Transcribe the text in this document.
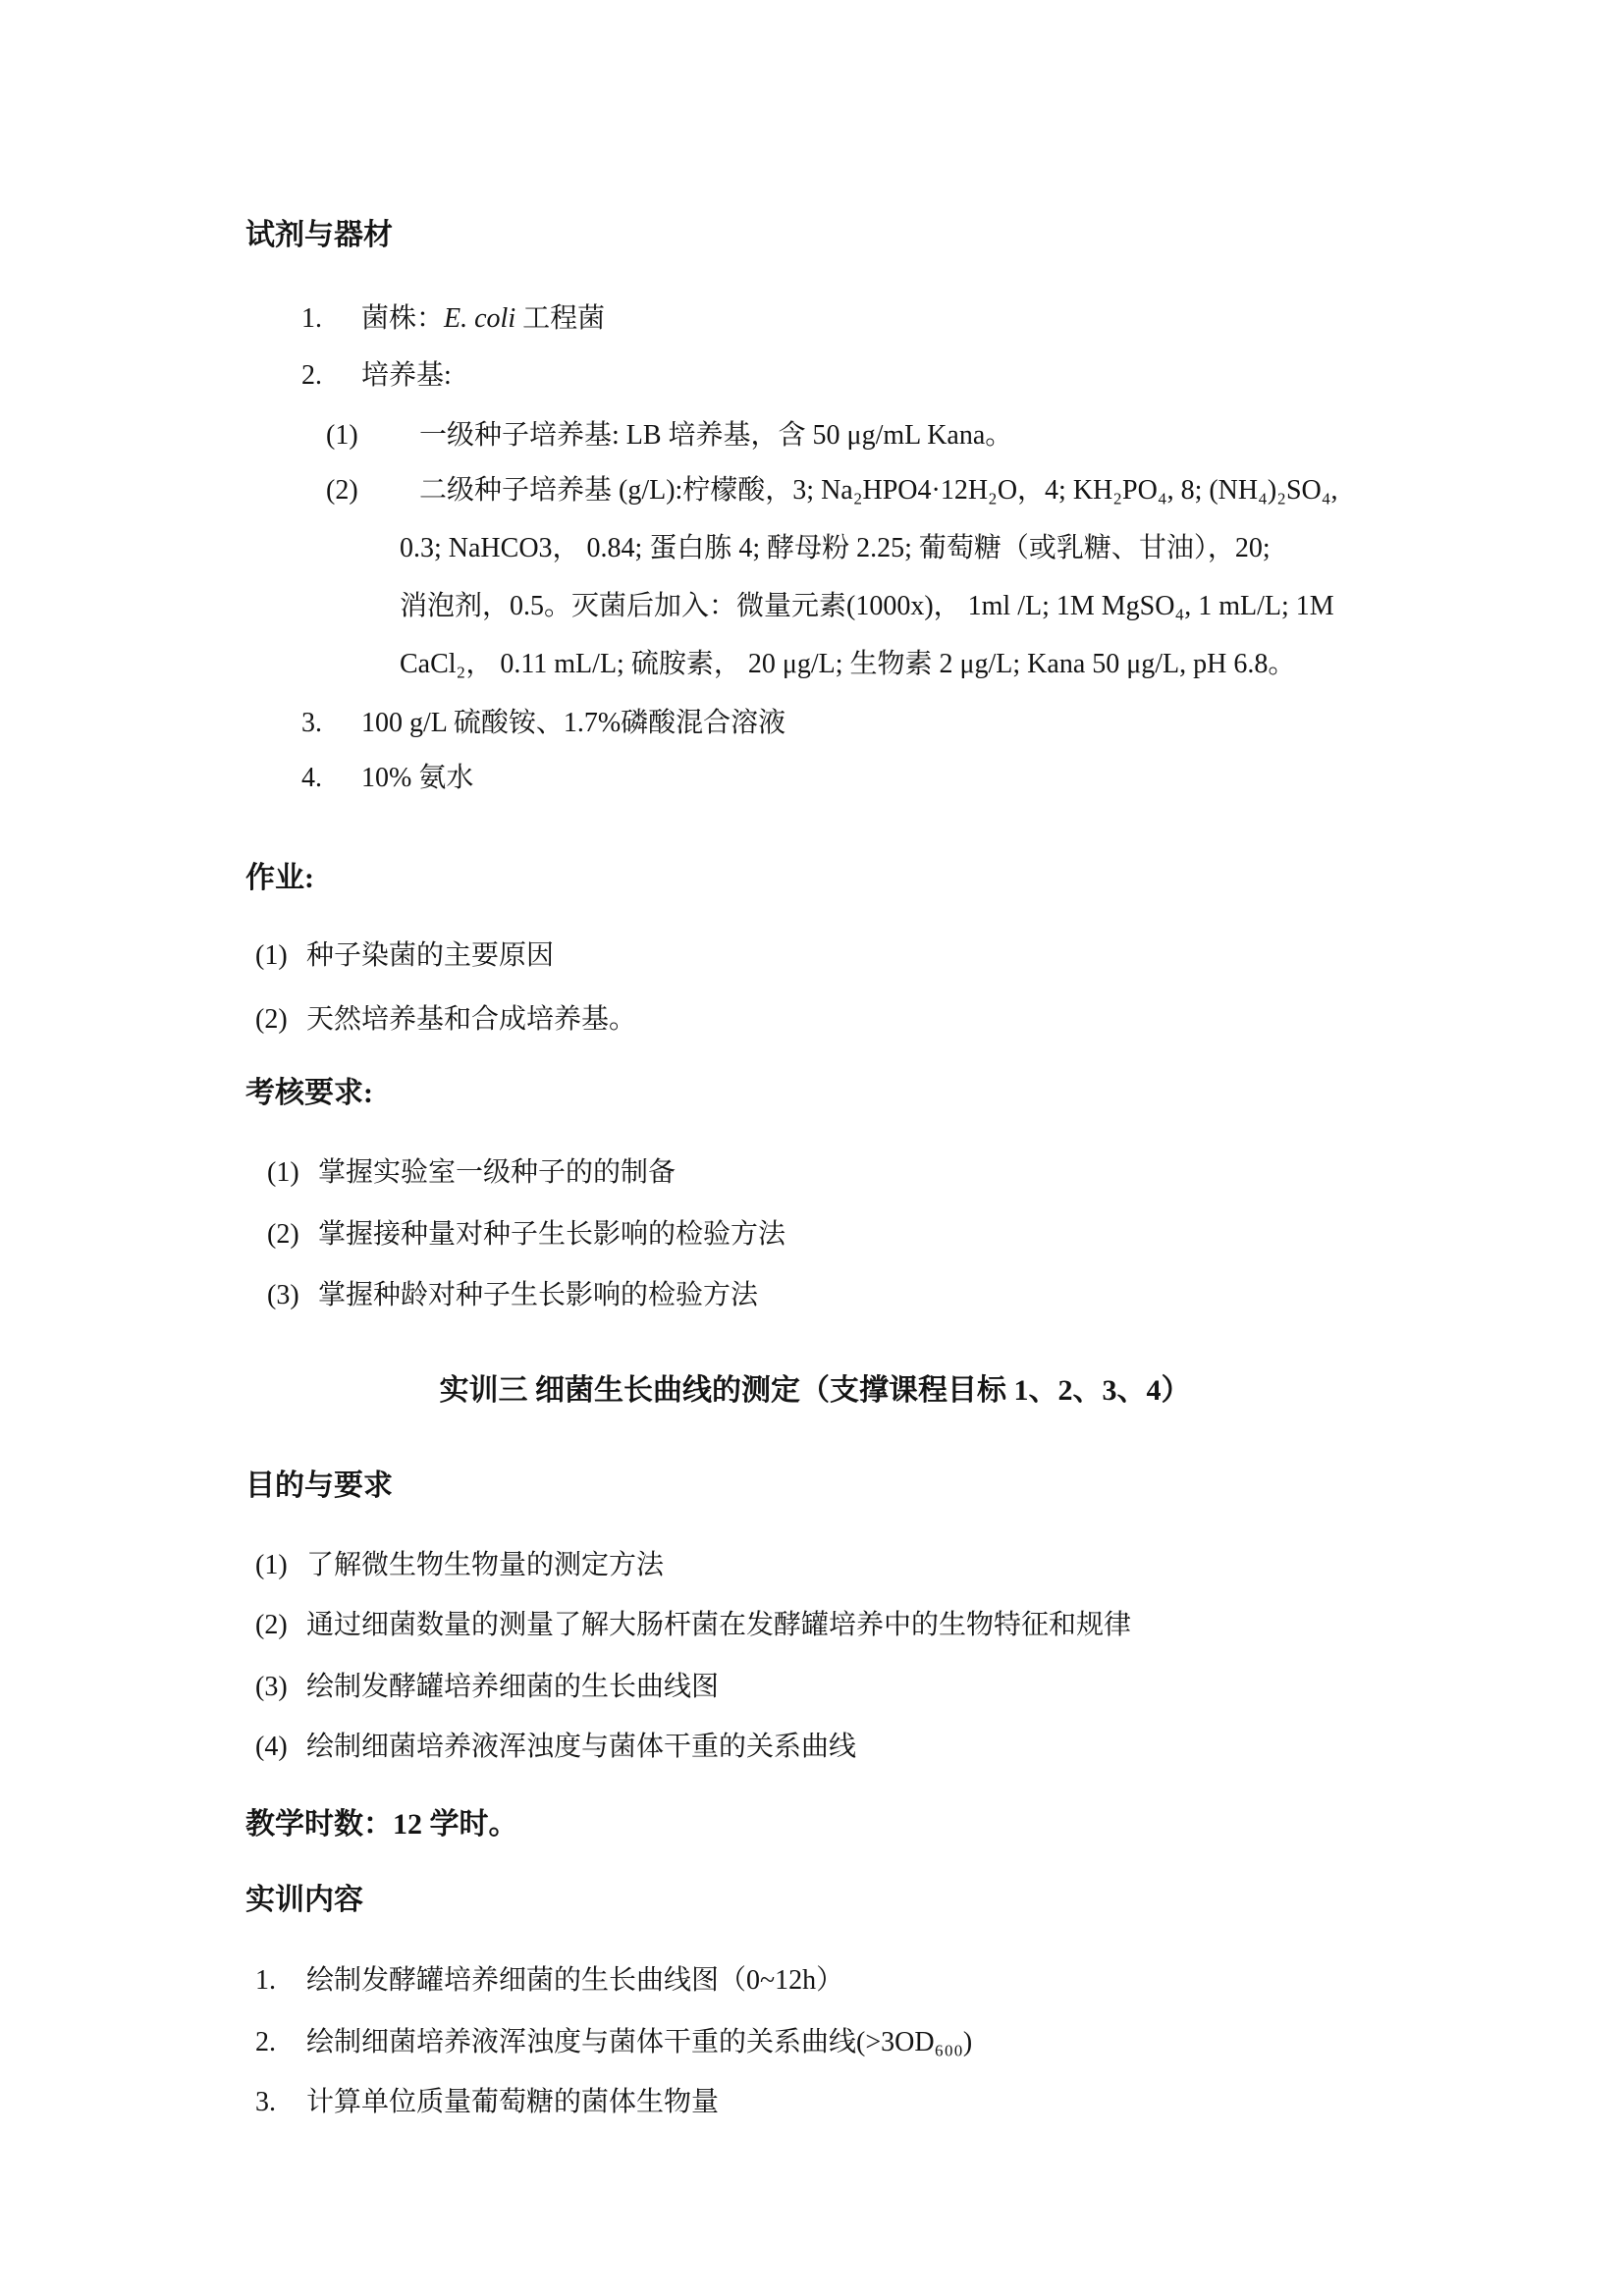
试剂与器材
1.	菌株：E. coli 工程菌
2.	培养基:
(1)	一级种子培养基: LB 培养基，含 50 μg/mL Kana。
(2)	二级种子培养基 (g/L):柠檬酸，3; Na₂HPO4·12H₂O，4; KH₂PO₄, 8; (NH₄)₂SO₄,
0.3; NaHCO3， 0.84; 蛋白胨 4; 酵母粉 2.25; 葡萄糖（或乳糖、甘油），20;
消泡剂，0.5。灭菌后加入：微量元素(1000x)， 1ml /L; 1M MgSO₄, 1 mL/L; 1M
CaCl₂， 0.11 mL/L; 硫胺素， 20 μg/L; 生物素 2 μg/L; Kana 50 μg/L, pH 6.8。
3.	100 g/L 硫酸铵、1.7%磷酸混合溶液
4.	10% 氨水
作业:
(1) 种子染菌的主要原因
(2) 天然培养基和合成培养基。
考核要求:
(1) 掌握实验室一级种子的的制备
(2) 掌握接种量对种子生长影响的检验方法
(3) 掌握种龄对种子生长影响的检验方法
实训三 细菌生长曲线的测定（支撑课程目标 1、2、3、4）
目的与要求
(1) 了解微生物生物量的测定方法
(2) 通过细菌数量的测量了解大肠杆菌在发酵罐培养中的生物特征和规律
(3) 绘制发酵罐培养细菌的生长曲线图
(4) 绘制细菌培养液浑浊度与菌体干重的关系曲线
教学时数：12 学时。
实训内容
1.	绘制发酵罐培养细菌的生长曲线图（0~12h）
2.	绘制细菌培养液浑浊度与菌体干重的关系曲线(>3OD₆₀₀)
3.	计算单位质量葡萄糖的菌体生物量
